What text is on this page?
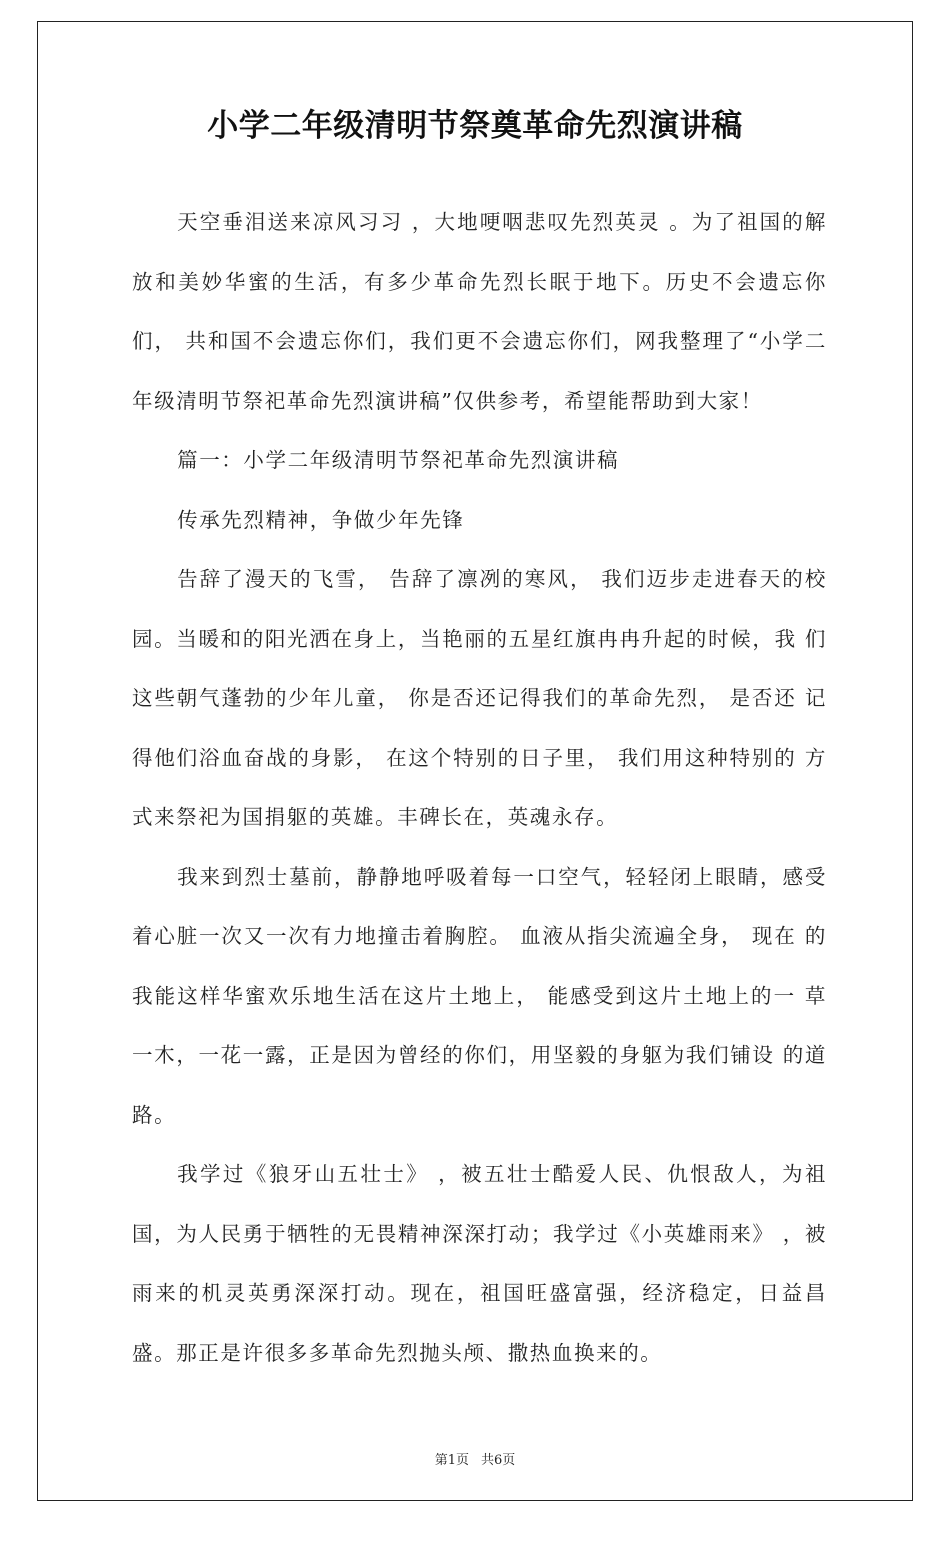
小学二年级清明节祭奠革命先烈演讲稿

天空垂泪送来凉风习习 ，大地哽咽悲叹先烈英灵 。为了祖国的解放和美妙华蜜的生活，有多少革命先烈长眠于地下。历史不会遗忘你们， 共和国不会遗忘你们，我们更不会遗忘你们，网我整理了“小学二年级清明节祭祀革命先烈演讲稿”仅供参考，希望能帮助到大家！

篇一：小学二年级清明节祭祀革命先烈演讲稿

传承先烈精神，争做少年先锋

告辞了漫天的飞雪， 告辞了凛冽的寒风， 我们迈步走进春天的校 园。当暖和的阳光洒在身上，当艳丽的五星红旗冉冉升起的时候，我 们这些朝气蓬勃的少年儿童， 你是否还记得我们的革命先烈， 是否还 记得他们浴血奋战的身影， 在这个特别的日子里， 我们用这种特别的 方式来祭祀为国捐躯的英雄。丰碑长在，英魂永存。

我来到烈士墓前，静静地呼吸着每一口空气，轻轻闭上眼睛，感受着心脏一次又一次有力地撞击着胸腔。 血液从指尖流遍全身， 现在 的我能这样华蜜欢乐地生活在这片土地上， 能感受到这片土地上的一 草一木，一花一露，正是因为曾经的你们，用坚毅的身躯为我们铺设 的道路。

我学过《狼牙山五壮士》 ，被五壮士酷爱人民、仇恨敌人，为祖国，为人民勇于牺牲的无畏精神深深打动；我学过《小英雄雨来》 ，被雨来的机灵英勇深深打动。现在，祖国旺盛富强，经济稳定，日益昌盛。那正是许很多多革命先烈抛头颅、撒热血换来的。

第1页 共6页
